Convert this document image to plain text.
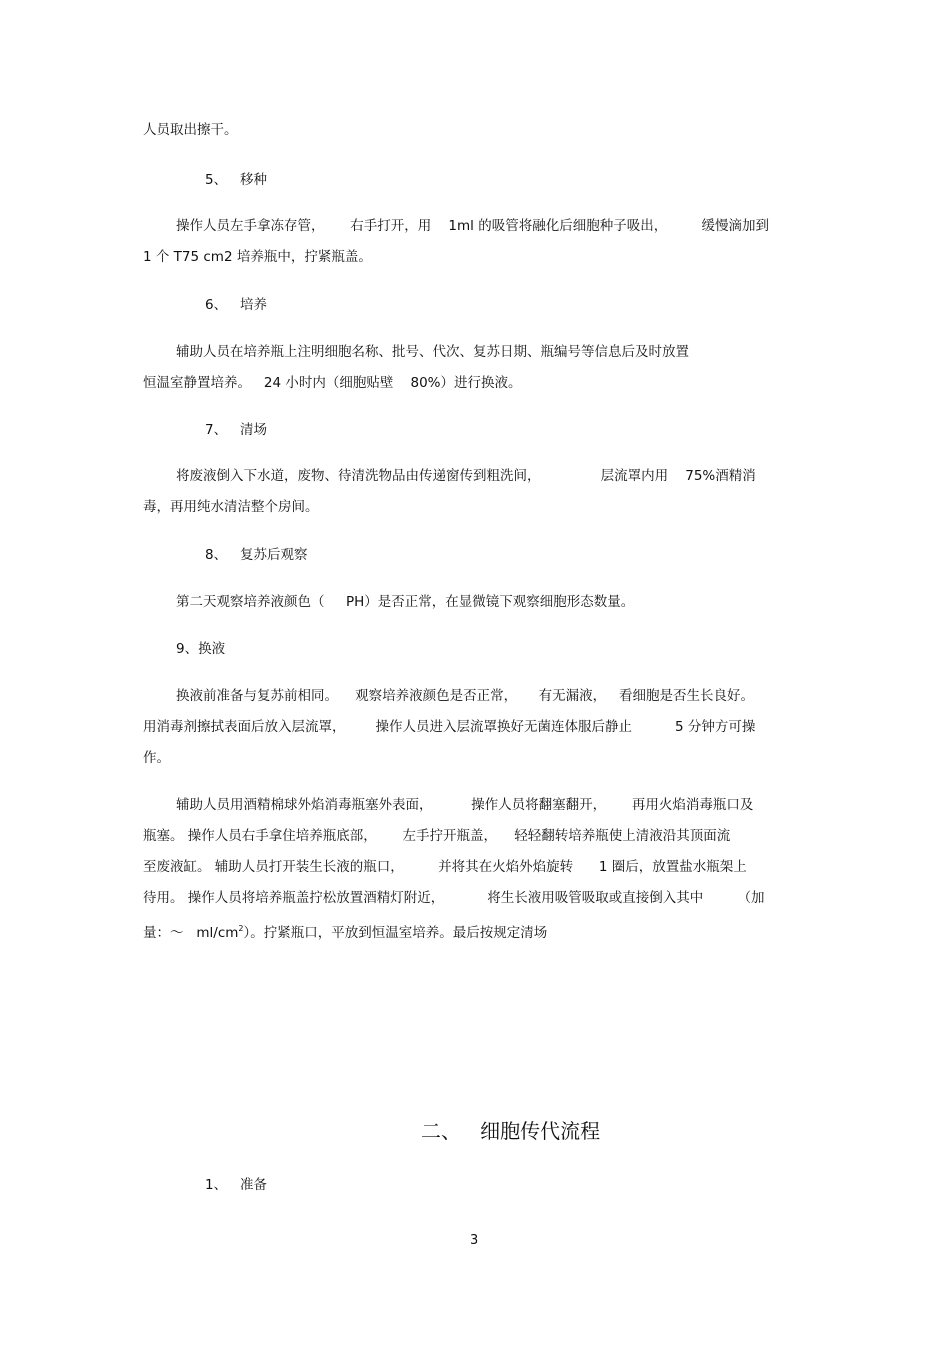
人员取出擦干。
5、   移种
操作人员左手拿冻存管，      右手打开，用    1ml 的吸管将融化后细胞种子吸出，        缓慢滴加到
1 个 T75 cm2 培养瓶中，拧紧瓶盖。
6、   培养
辅助人员在培养瓶上注明细胞名称、批号、代次、复苏日期、瓶编号等信息后及时放置
恒温室静置培养。   24 小时内（细胞贴壁    80%）进行换液。
7、   清场
将废液倒入下水道，废物、待清洗物品由传递窗传到粗洗间，              层流罩内用    75%酒精消
毒，再用纯水清洁整个房间。
8、   复苏后观察
第二天观察培养液颜色（     PH）是否正常，在显微镜下观察细胞形态数量。
9、换液
换液前准备与复苏前相同。    观察培养液颜色是否正常，     有无漏液，   看细胞是否生长良好。
用消毒剂擦拭表面后放入层流罩，       操作人员进入层流罩换好无菌连体服后静止          5 分钟方可操
作。
辅助人员用酒精棉球外焰消毒瓶塞外表面，         操作人员将翻塞翻开，      再用火焰消毒瓶口及
瓶塞。 操作人员右手拿住培养瓶底部，      左手拧开瓶盖，    轻轻翻转培养瓶使上清液沿其顶面流
至废液缸。 辅助人员打开装生长液的瓶口，        并将其在火焰外焰旋转      1 圈后，放置盐水瓶架上
待用。 操作人员将培养瓶盖拧松放置酒精灯附近，          将生长液用吸管吸取或直接倒入其中        （加
量：～   $ml/cm^2$）。拧紧瓶口，平放到恒温室培养。最后按规定清场
二、   细胞传代流程
1、   准备
3
